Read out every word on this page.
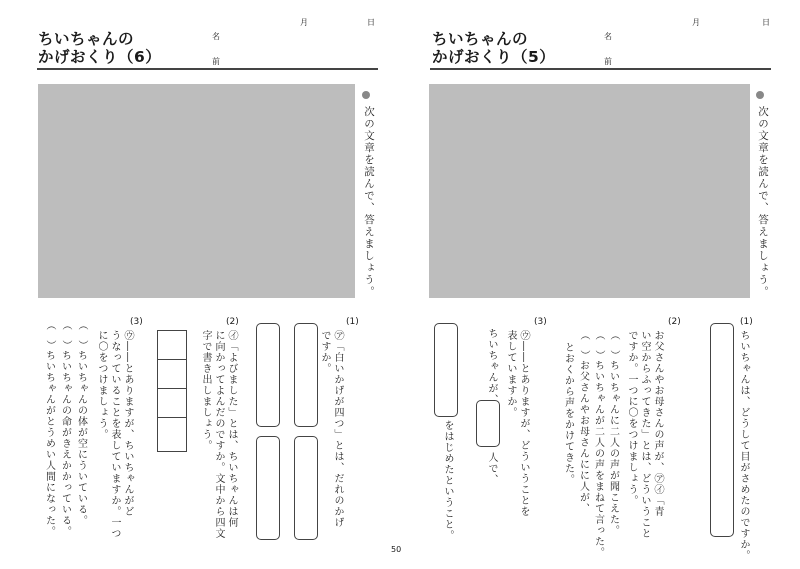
ちいちゃんの
かげおくり（6）
名
前
月	日
次の文章を読んで、答えましょう。
(1)
㋐「白いかげが四つ」とは、だれのかげ
ですか。
(2)
㋑「よびました」とは、ちいちゃんは何
に向かってよんだのですか。文中から四文
字で書き出しましょう。
(3)
㋒――とありますが、ちいちゃんがど
うなっていることを表していますか。一つ
に〇をつけましょう。
（　）
ちいちゃんの体が空にういている。
（　）
ちいちゃんの命がきえかかっている。
（　）
ちいちゃんがとうめい人間になった。
ちいちゃんの
かげおくり（5）
名
前
月	日
次の文章を読んで、答えましょう。
(1)
ちいちゃんは、どうして目がさめたのですか。
(2)
お父さんやお母さんの声が、㋐㋑「青
い空からふってきた」とは、どういうこと
ですか。一つに〇をつけましょう。
（　）
ちいちゃんに二人の声が聞こえた。
（　）
ちいちゃんが二人の声をまねて言った。
（　）
お父さんやお母さんにに人が、
とおくから声をかけてきた。
(3)
㋒――とありますが、どういうことを
表していますか。
ちいちゃんが、
人で、
をはじめたということ。
50
